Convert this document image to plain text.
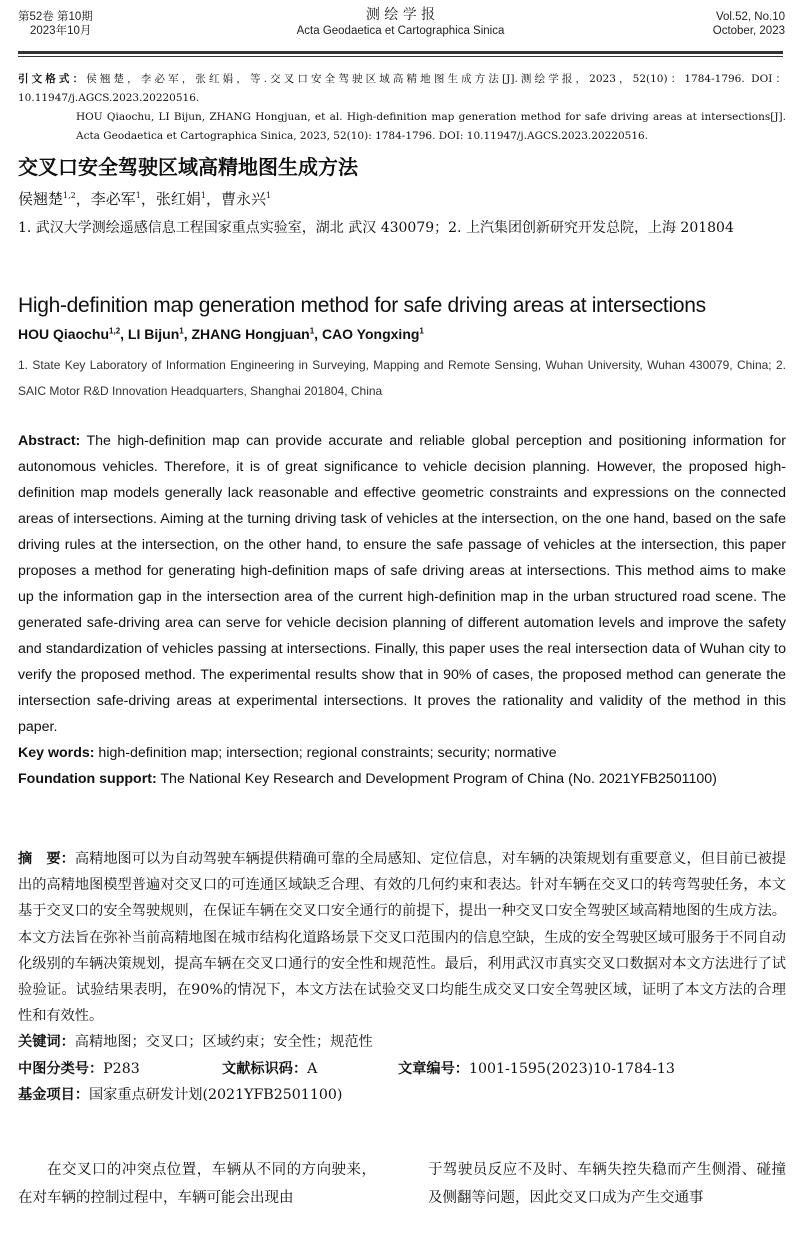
第52卷 第10期
2023年10月
测 绘 学 报
Acta Geodaetica et Cartographica Sinica
Vol.52, No.10
October, 2023
引文格式：侯翘楚，李必军，张红娟，等.交叉口安全驾驶区域高精地图生成方法[J].测绘学报，2023，52(10)：1784-1796. DOI：10.11947/j.AGCS.2023.20220516.
HOU Qiaochu, LI Bijun, ZHANG Hongjuan, et al. High-definition map generation method for safe driving areas at intersections[J]. Acta Geodaetica et Cartographica Sinica, 2023, 52(10): 1784-1796. DOI: 10.11947/j.AGCS.2023.20220516.
交叉口安全驾驶区域高精地图生成方法
侯翘楚$^{1,2}$，李必军$^1$，张红娟$^1$，曹永兴$^1$
1. 武汉大学测绘遥感信息工程国家重点实验室，湖北 武汉 430079；2. 上汽集团创新研究开发总院，上海 201804
High-definition map generation method for safe driving areas at intersections
HOU Qiaochu$^{1,2}$, LI Bijun$^1$, ZHANG Hongjuan$^1$, CAO Yongxing$^1$
1. State Key Laboratory of Information Engineering in Surveying, Mapping and Remote Sensing, Wuhan University, Wuhan 430079, China; 2. SAIC Motor R&D Innovation Headquarters, Shanghai 201804, China
Abstract: The high-definition map can provide accurate and reliable global perception and positioning information for autonomous vehicles. Therefore, it is of great significance to vehicle decision planning. However, the proposed high-definition map models generally lack reasonable and effective geometric constraints and expressions on the connected areas of intersections. Aiming at the turning driving task of vehicles at the intersection, on the one hand, based on the safe driving rules at the intersection, on the other hand, to ensure the safe passage of vehicles at the intersection, this paper proposes a method for generating high-definition maps of safe driving areas at intersections. This method aims to make up the information gap in the intersection area of the current high-definition map in the urban structured road scene. The generated safe-driving area can serve for vehicle decision planning of different automation levels and improve the safety and standardization of vehicles passing at intersections. Finally, this paper uses the real intersection data of Wuhan city to verify the proposed method. The experimental results show that in 90% of cases, the proposed method can generate the intersection safe-driving areas at experimental intersections. It proves the rationality and validity of the method in this paper.
Key words: high-definition map; intersection; regional constraints; security; normative
Foundation support: The National Key Research and Development Program of China (No. 2021YFB2501100)
摘　要：高精地图可以为自动驾驶车辆提供精确可靠的全局感知、定位信息，对车辆的决策规划有重要意义，但目前已被提出的高精地图模型普遍对交叉口的可连通区域缺乏合理、有效的几何约束和表达。针对车辆在交叉口的转弯驾驶任务，本文基于交叉口的安全驾驶规则，在保证车辆在交叉口安全通行的前提下，提出一种交叉口安全驾驶区域高精地图的生成方法。本文方法旨在弥补当前高精地图在城市结构化道路场景下交叉口范围内的信息空缺，生成的安全驾驶区域可服务于不同自动化级别的车辆决策规划，提高车辆在交叉口通行的安全性和规范性。最后，利用武汉市真实交叉口数据对本文方法进行了试验验证。试验结果表明，在90%的情况下，本文方法在试验交叉口均能生成交叉口安全驾驶区域，证明了本文方法的合理性和有效性。
关键词：高精地图；交叉口；区域约束；安全性；规范性
中图分类号：P283	文献标识码：A	文章编号：1001-1595(2023)10-1784-13
基金项目：国家重点研发计划(2021YFB2501100)
在交叉口的冲突点位置，车辆从不同的方向驶来，在对车辆的控制过程中，车辆可能会出现由
于驾驶员反应不及时、车辆失控失稳而产生侧滑、碰撞及侧翻等问题，因此交叉口成为产生交通事
